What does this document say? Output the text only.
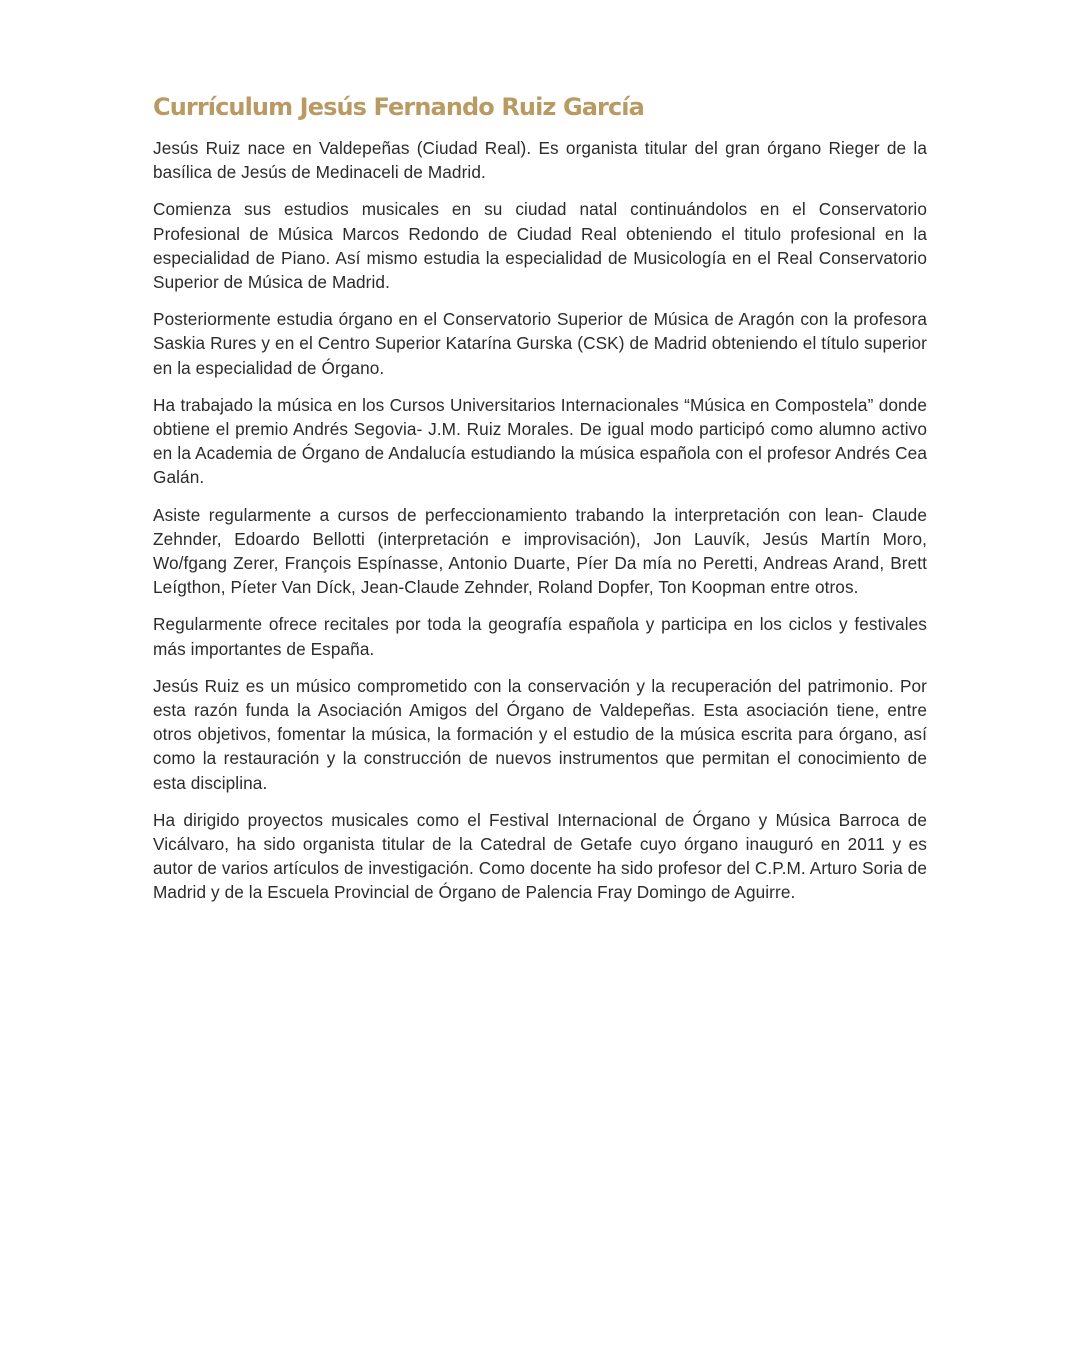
Currículum Jesús Fernando Ruiz García

Jesús Ruiz nace en Valdepeñas (Ciudad Real). Es organista titular del gran órgano Rieger de la basílica de Jesús de Medinaceli de Madrid.

Comienza sus estudios musicales en su ciudad natal continuándolos en el Conservatorio Profesional de Música Marcos Redondo de Ciudad Real obteniendo el titulo profesional en la especialidad de Piano. Así mismo estudia la especialidad de Musicología en el Real Conservatorio Superior de Música de Madrid.

Posteriormente estudia órgano en el Conservatorio Superior de Música de Aragón con la profesora Saskia Rures y en el Centro Superior Katarína Gurska (CSK) de Madrid obteniendo el título superior en la especialidad de Órgano.

Ha trabajado la música en los Cursos Universitarios Internacionales “Música en Compostela” donde obtiene el premio Andrés Segovia- J.M. Ruiz Morales. De igual modo participó como alumno activo en la Academia de Órgano de Andalucía estudiando la música española con el profesor Andrés Cea Galán.

Asiste regularmente a cursos de perfeccionamiento trabando la interpretación con lean- Claude Zehnder, Edoardo Bellotti (interpretación e improvisación), Jon Lauvík, Jesús Martín Moro, Wo/fgang Zerer, François Espínasse, Antonio Duarte, Píer Da mía no Peretti, Andreas Arand, Brett Leígthon, Píeter Van Díck, Jean-Claude Zehnder, Roland Dopfer, Ton Koopman entre otros.

Regularmente ofrece recitales por toda la geografía española y participa en los ciclos y festivales más importantes de España.

Jesús Ruiz es un músico comprometido con la conservación y la recuperación del patrimonio. Por esta razón funda la Asociación Amigos del Órgano de Valdepeñas. Esta asociación tiene, entre otros objetivos, fomentar la música, la formación y el estudio de la música escrita para órgano, así como la restauración y la construcción de nuevos instrumentos que permitan el conocimiento de esta disciplina.

Ha dirigido proyectos musicales como el Festival Internacional de Órgano y Música Barroca de Vicálvaro, ha sido organista titular de la Catedral de Getafe cuyo órgano inauguró en 2011 y es autor de varios artículos de investigación. Como docente ha sido profesor del C.P.M. Arturo Soria de Madrid y de la Escuela Provincial de Órgano de Palencia Fray Domingo de Aguirre.
